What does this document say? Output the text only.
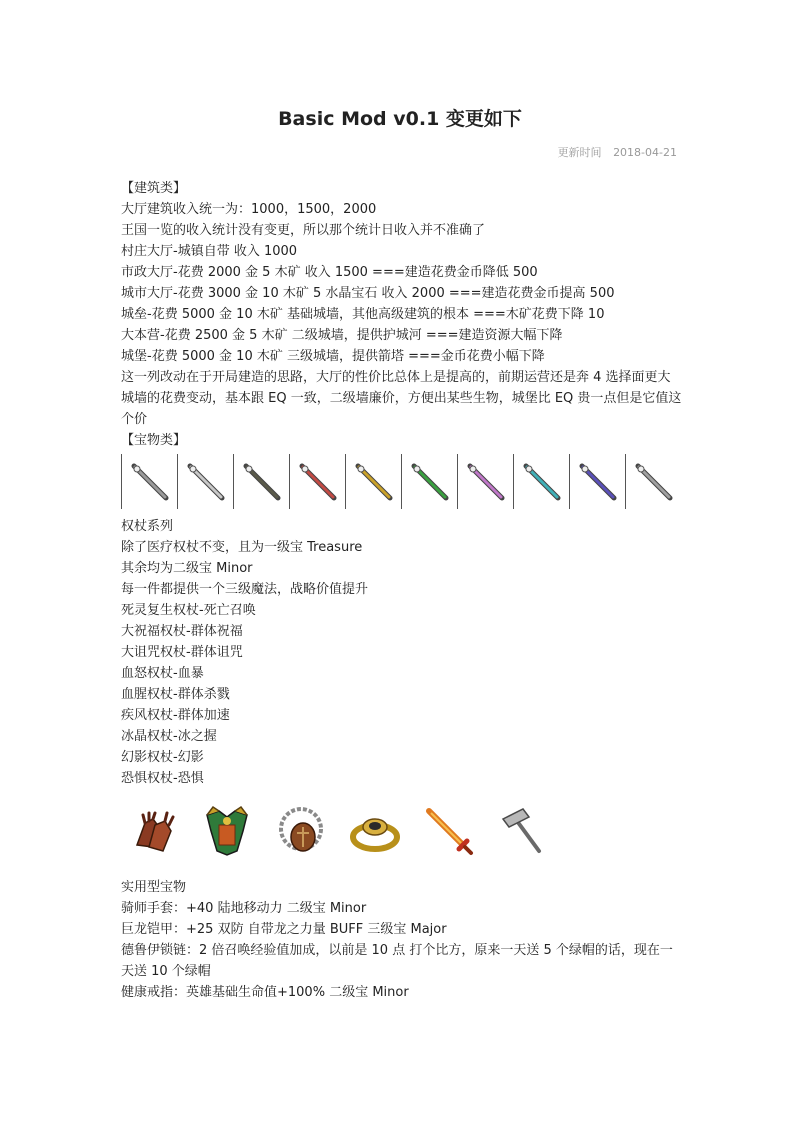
Basic Mod v0.1 变更如下
更新时间 2018-04-21

【建筑类】

大厅建筑收入统一为：1000，1500，2000

王国一览的收入统计没有变更，所以那个统计日收入并不准确了

村庄大厅-城镇自带 收入 1000

市政大厅-花费 2000 金 5 木矿 收入 1500 ===建造花费金币降低 500

城市大厅-花费 3000 金 10 木矿 5 水晶宝石 收入 2000 ===建造花费金币提高 500

城垒-花费 5000 金 10 木矿 基础城墙，其他高级建筑的根本 ===木矿花费下降 10

大本营-花费 2500 金 5 木矿 二级城墙，提供护城河 ===建造资源大幅下降

城堡-花费 5000 金 10 木矿 三级城墙，提供箭塔 ===金币花费小幅下降

这一列改动在于开局建造的思路，大厅的性价比总体上是提高的，前期运营还是奔 4 选择面更大

城墙的花费变动，基本跟 EQ 一致，二级墙廉价，方便出某些生物，城堡比 EQ 贵一点但是它值这个价

【宝物类】

权杖系列

除了医疗权杖不变，且为一级宝 Treasure

其余均为二级宝 Minor

每一件都提供一个三级魔法，战略价值提升

死灵复生权杖-死亡召唤

大祝福权杖-群体祝福

大诅咒权杖-群体诅咒

血怒权杖-血暴

血腥权杖-群体杀戮

疾风权杖-群体加速

冰晶权杖-冰之握

幻影权杖-幻影

恐惧权杖-恐惧

实用型宝物

骑师手套：+40 陆地移动力 二级宝 Minor

巨龙铠甲：+25 双防 自带龙之力量 BUFF 三级宝 Major

德鲁伊锁链：2 倍召唤经验值加成，以前是 10 点 打个比方，原来一天送 5 个绿帽的话，现在一天送 10 个绿帽

健康戒指：英雄基础生命值+100% 二级宝 Minor
